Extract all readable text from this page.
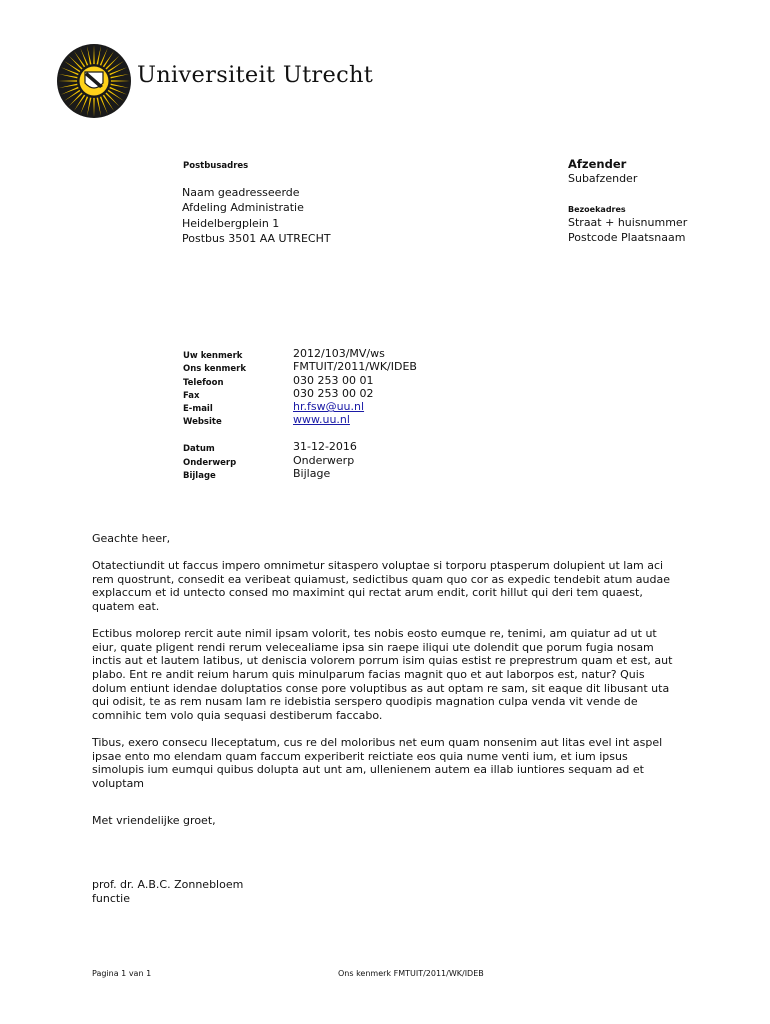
Universiteit Utrecht
Postbusadres
Naam geadresseerde
Afdeling Administratie
Heidelbergplein 1
Postbus 3501 AA UTRECHT
Afzender
Subafzender
Bezoekadres
Straat + huisnummer
Postcode Plaatsnaam
Uw kenmerk
Ons kenmerk
Telefoon
Fax
E-mail
Website
Datum
Onderwerp
Bijlage
2012/103/MV/ws
FMTUIT/2011/WK/IDEB
030 253 00 01
030 253 00 02
hr.fsw@uu.nl
www.uu.nl
31-12-2016
Onderwerp
Bijlage

Geachte heer,

Otatectiundit ut faccus impero omnimetur sitaspero voluptae si torporu ptasperum dolupient ut lam aci
rem quostrunt, consedit ea veribeat quiamust, sedictibus quam quo cor as expedic tendebit atum audae
explaccum et id untecto consed mo maximint qui rectat arum endit, corit hillut qui deri tem quaest,
quatem eat.

Ectibus molorep rercit aute nimil ipsam volorit, tes nobis eosto eumque re, tenimi, am quiatur ad ut ut
eiur, quate pligent rendi rerum velecealiame ipsa sin raepe iliqui ute dolendit que porum fugia nosam
inctis aut et lautem latibus, ut deniscia volorem porrum isim quias estist re preprestrum quam et est, aut
plabo. Ent re andit reium harum quis minulparum facias magnit quo et aut laborpos est, natur? Quis
dolum entiunt idendae doluptatios conse pore voluptibus as aut optam re sam, sit eaque dit libusant uta
qui odisit, te as rem nusam lam re idebistia serspero quodipis magnation culpa venda vit vende de
comnihic tem volo quia sequasi destiberum faccabo.

Tibus, exero consecu lleceptatum, cus re del moloribus net eum quam nonsenim aut litas evel int aspel
ipsae ento mo elendam quam faccum experiberit reictiate eos quia nume venti ium, et ium ipsus
simolupis ium eumqui quibus dolupta aut unt am, ullenienem autem ea illab iuntiores sequam ad et
voluptam

Met vriendelijke groet,
prof. dr. A.B.C. Zonnebloem
functie
Pagina 1 van 1	Ons kenmerk FMTUIT/2011/WK/IDEB
